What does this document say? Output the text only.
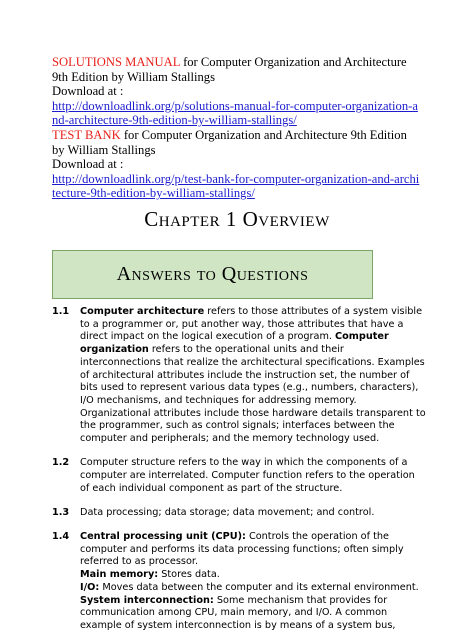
SOLUTIONS MANUAL for Computer Organization and Architecture 9th Edition by William Stallings
Download at :
http://downloadlink.org/p/solutions-manual-for-computer-organization-and-architecture-9th-edition-by-william-stallings/
TEST BANK for Computer Organization and Architecture 9th Edition by William Stallings
Download at :
http://downloadlink.org/p/test-bank-for-computer-organization-and-architecture-9th-edition-by-william-stallings/
Chapter 1 Overview
Answers to Questions
1.1	Computer architecture refers to those attributes of a system visible to a programmer or, put another way, those attributes that have a direct impact on the logical execution of a program. Computer organization refers to the operational units and their interconnections that realize the architectural specifications. Examples of architectural attributes include the instruction set, the number of bits used to represent various data types (e.g., numbers, characters), I/O mechanisms, and techniques for addressing memory. Organizational attributes include those hardware details transparent to the programmer, such as control signals; interfaces between the computer and peripherals; and the memory technology used.
1.2	Computer structure refers to the way in which the components of a computer are interrelated. Computer function refers to the operation of each individual component as part of the structure.
1.3	Data processing; data storage; data movement; and control.
1.4	Central processing unit (CPU): Controls the operation of the computer and performs its data processing functions; often simply referred to as processor.
Main memory: Stores data.
I/O: Moves data between the computer and its external environment.
System interconnection: Some mechanism that provides for communication among CPU, main memory, and I/O. A common example of system interconnection is by means of a system bus,
